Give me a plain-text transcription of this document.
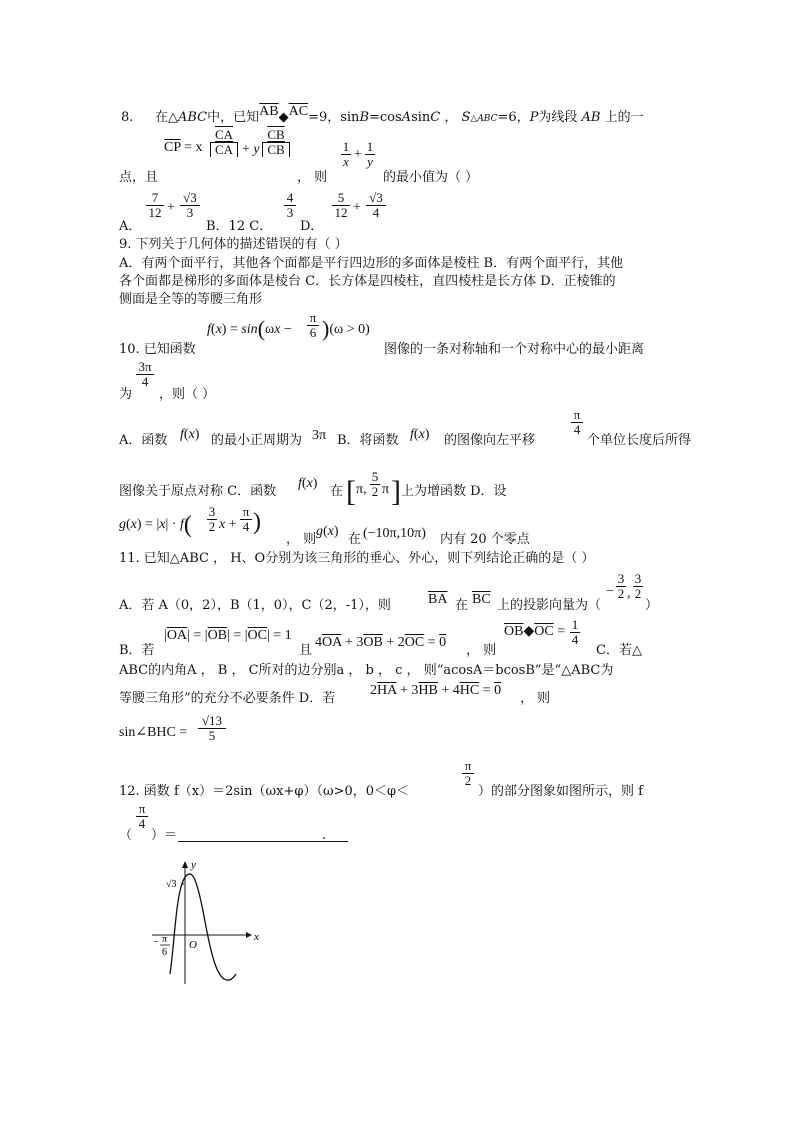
8. 在△ABC中，已知$\overline{AB}◆\overline{AC}=9$，sinB=cosAsinC ， S△ABC=6，P为线段 AB 上的一
$\overline{CP} = x \frac{\overline{CA}}{CA} + y \frac{\overline{CB}}{CB}$	$\frac{1}{x} + \frac{1}{y}$
点，且	， 则	的最小值为（ ）
A．
$\frac{7}{12} + \frac{√3}{3}$
B．12 C．
$\frac{4}{3}$
D．
$\frac{5}{12} + \frac{√3}{4}$
9. 下列关于几何体的描述错误的有（ ）
A．有两个面平行，其他各个面都是平行四边形的多面体是棱柱 B．有两个面平行，其他
各个面都是梯形的多面体是棱台 C．长方体是四棱柱，直四棱柱是长方体 D．正棱锥的
侧面是全等的等腰三角形
$f(x) = \sin(\omega x - \frac{\pi}{6} )(\omega > 0)$
10. 已知函数	图像的一条对称轴和一个对称中心的最小距离
$\frac{3\pi}{4}$
为 ，则（ ）
A．函数 f(x) 的最小正周期为 3π B．将函数 f(x) 的图像向左平移
$\frac{\pi}{4}$
个单位长度后所得
图像关于原点对称 C．函数
f(x)
在 [ π, $\frac{5}{2}$ π ] 上为增函数 D．设
$g(x) = |x| \cdot f( \frac{3}{2}$ $x + \frac{\pi}{4}$ )
， 则
g(x)
在 (−10π,10π) 内有 20 个零点
11. 已知△ABC ， H、O分别为该三角形的垂心、外心，则下列结论正确的是（ ）
A．若 A（0，2），B（1，0），C（2，-1），则	$\overline{BA}$ 在 $\overline{BC}$ 上的投影向量为（
− $\frac{3}{2}$ , $\frac{3}{2}$
）
B．若
$|\overline{OA}| = |\overline{OB}| = |\overline{OC}| = 1$
且
$4\overline{OA} + 3\overline{OB} + 2\overline{OC} = 0$
， 则
$\overline{OB}◆\overline{OC} = \frac{1}{4}$
C．若△
ABC的内角A ， B ， C所对的边分别a ， b ， c ， 则“acosA＝bcosB”是“△ABC为
等腰三角形”的充分不必要条件 D．若
$2\overline{HA} + 3\overline{HB} + 4\overline{HC} = 0$
， 则
sin∠BHC = $\frac{√13}{5}$
$\frac{\pi}{2}$
12. 函数 f（x）＝2sin（ωx+φ）（ω>0，0＜φ＜	）的部分图象如图所示，则 f
$\frac{\pi}{4}$
（ ）＝	.
y
x
O
√3
− π
6
